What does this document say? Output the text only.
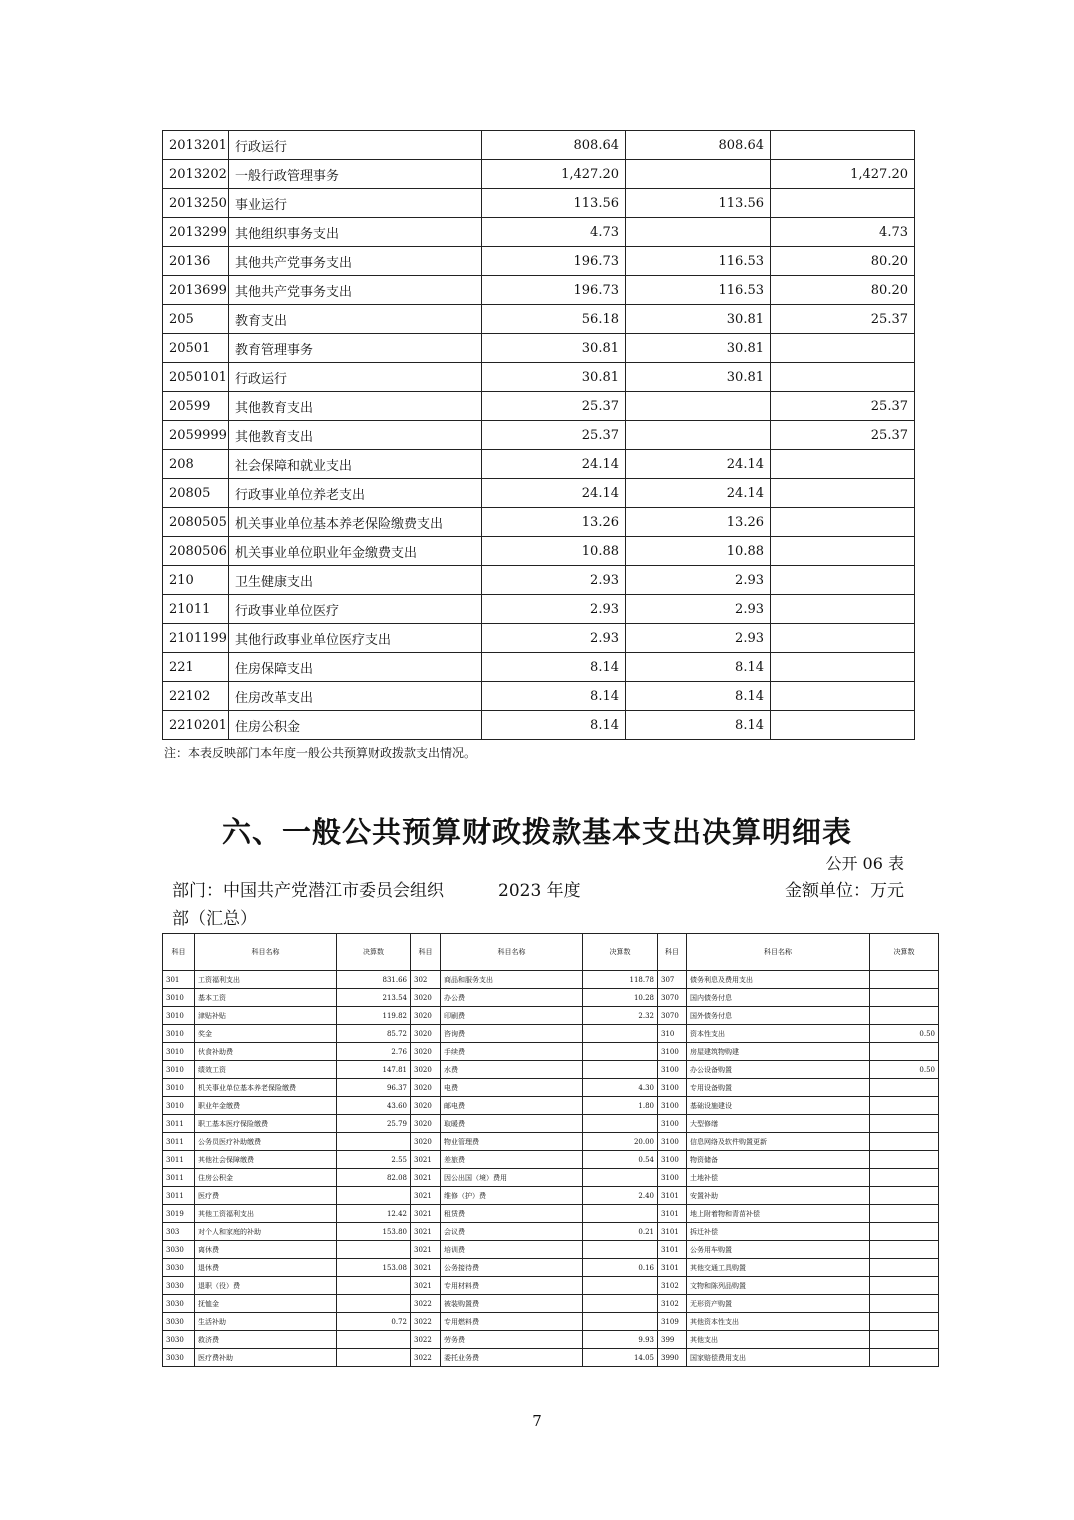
2013201	行政运行	808.64	808.64	
2013202	一般行政管理事务	1,427.20		1,427.20
2013250	事业运行	113.56	113.56	
2013299	其他组织事务支出	4.73		4.73
20136	其他共产党事务支出	196.73	116.53	80.20
2013699	其他共产党事务支出	196.73	116.53	80.20
205	教育支出	56.18	30.81	25.37
20501	教育管理事务	30.81	30.81	
2050101	行政运行	30.81	30.81	
20599	其他教育支出	25.37		25.37
2059999	其他教育支出	25.37		25.37
208	社会保障和就业支出	24.14	24.14	
20805	行政事业单位养老支出	24.14	24.14	
2080505	机关事业单位基本养老保险缴费支出	13.26	13.26	
2080506	机关事业单位职业年金缴费支出	10.88	10.88	
210	卫生健康支出	2.93	2.93	
21011	行政事业单位医疗	2.93	2.93	
2101199	其他行政事业单位医疗支出	2.93	2.93	
221	住房保障支出	8.14	8.14	
22102	住房改革支出	8.14	8.14	
2210201	住房公积金	8.14	8.14	
注：本表反映部门本年度一般公共预算财政拨款支出情况。
六、一般公共预算财政拨款基本支出决算明细表
公开 06 表
部门：中国共产党潜江市委员会组织部（汇总）
2023 年度	金额单位：万元
科目	科目名称	决算数	科目	科目名称	决算数	科目	科目名称	决算数
301	工资福利支出	831.66	302	商品和服务支出	118.78	307	债务利息及费用支出	
3010	基本工资	213.54	3020	办公费	10.28	3070	国内债务付息	
3010	津贴补贴	119.82	3020	印刷费	2.32	3070	国外债务付息	
3010	奖金	85.72	3020	咨询费		310	资本性支出	0.50
3010	伙食补助费	2.76	3020	手续费		3100	房屋建筑物购建	
3010	绩效工资	147.81	3020	水费		3100	办公设备购置	0.50
3010	机关事业单位基本养老保险缴费	96.37	3020	电费	4.30	3100	专用设备购置	
3010	职业年金缴费	43.60	3020	邮电费	1.80	3100	基础设施建设	
3011	职工基本医疗保险缴费	25.79	3020	取暖费		3100	大型修缮	
3011	公务员医疗补助缴费		3020	物业管理费	20.00	3100	信息网络及软件购置更新	
3011	其他社会保障缴费	2.55	3021	差旅费	0.54	3100	物资储备	
3011	住房公积金	82.08	3021	因公出国（境）费用		3100	土地补偿	
3011	医疗费		3021	维修（护）费	2.40	3101	安置补助	
3019	其他工资福利支出	12.42	3021	租赁费		3101	地上附着物和青苗补偿	
303	对个人和家庭的补助	153.80	3021	会议费	0.21	3101	拆迁补偿	
3030	离休费		3021	培训费		3101	公务用车购置	
3030	退休费	153.08	3021	公务接待费	0.16	3101	其他交通工具购置	
3030	退职（役）费		3021	专用材料费		3102	文物和陈列品购置	
3030	抚恤金		3022	被装购置费		3102	无形资产购置	
3030	生活补助	0.72	3022	专用燃料费		3109	其他资本性支出	
3030	救济费		3022	劳务费	9.93	399	其他支出	
3030	医疗费补助		3022	委托业务费	14.05	3990	国家赔偿费用支出	
7
